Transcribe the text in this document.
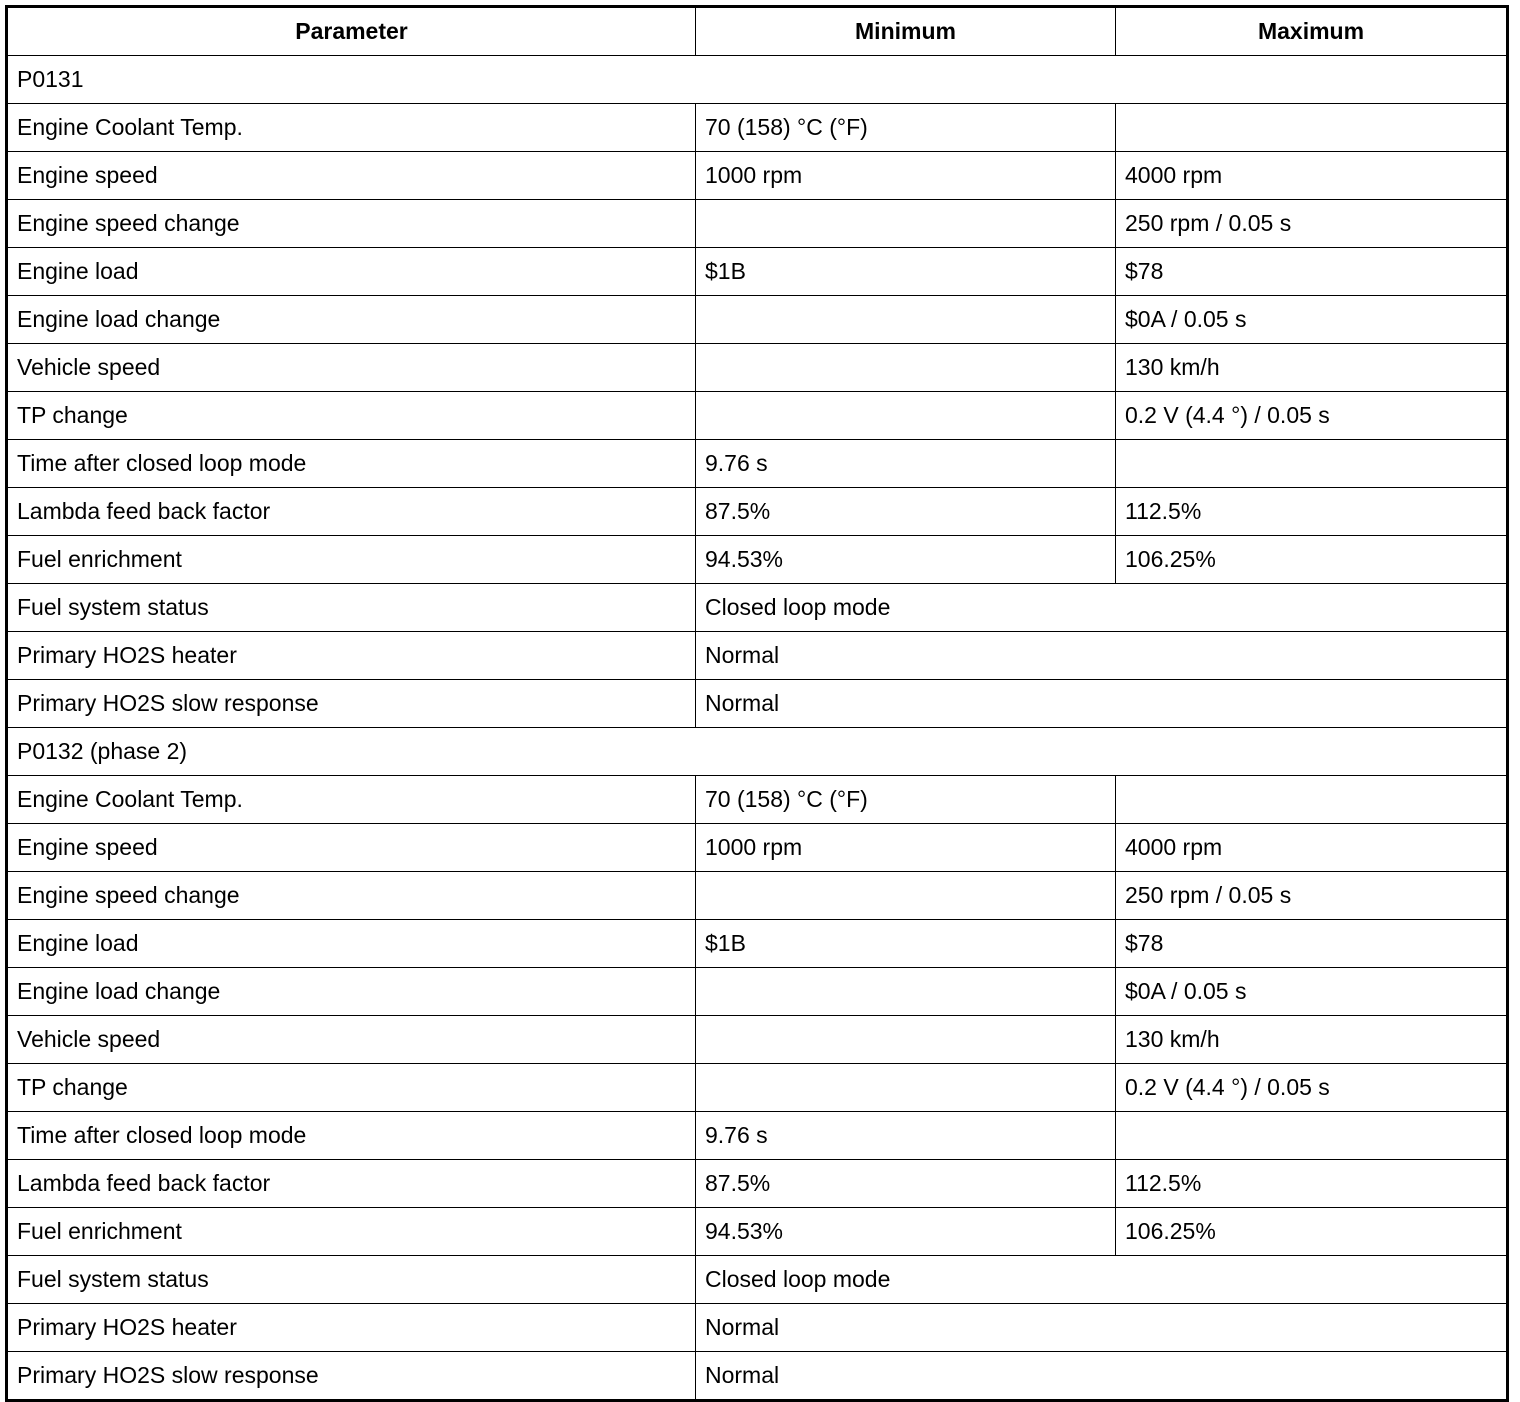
Parameter	Minimum	Maximum
P0131		
Engine Coolant Temp.	70 (158) °C (°F)	
Engine speed	1000 rpm	4000 rpm
Engine speed change		250 rpm / 0.05 s
Engine load	$1B	$78
Engine load change		$0A / 0.05 s
Vehicle speed		130 km/h
TP change		0.2 V (4.4 °) / 0.05 s
Time after closed loop mode	9.76 s	
Lambda feed back factor	87.5%	112.5%
Fuel enrichment	94.53%	106.25%
Fuel system status	Closed loop mode	
Primary HO2S heater	Normal	
Primary HO2S slow response	Normal	
P0132 (phase 2)		
Engine Coolant Temp.	70 (158) °C (°F)	
Engine speed	1000 rpm	4000 rpm
Engine speed change		250 rpm / 0.05 s
Engine load	$1B	$78
Engine load change		$0A / 0.05 s
Vehicle speed		130 km/h
TP change		0.2 V (4.4 °) / 0.05 s
Time after closed loop mode	9.76 s	
Lambda feed back factor	87.5%	112.5%
Fuel enrichment	94.53%	106.25%
Fuel system status	Closed loop mode	
Primary HO2S heater	Normal	
Primary HO2S slow response	Normal	
